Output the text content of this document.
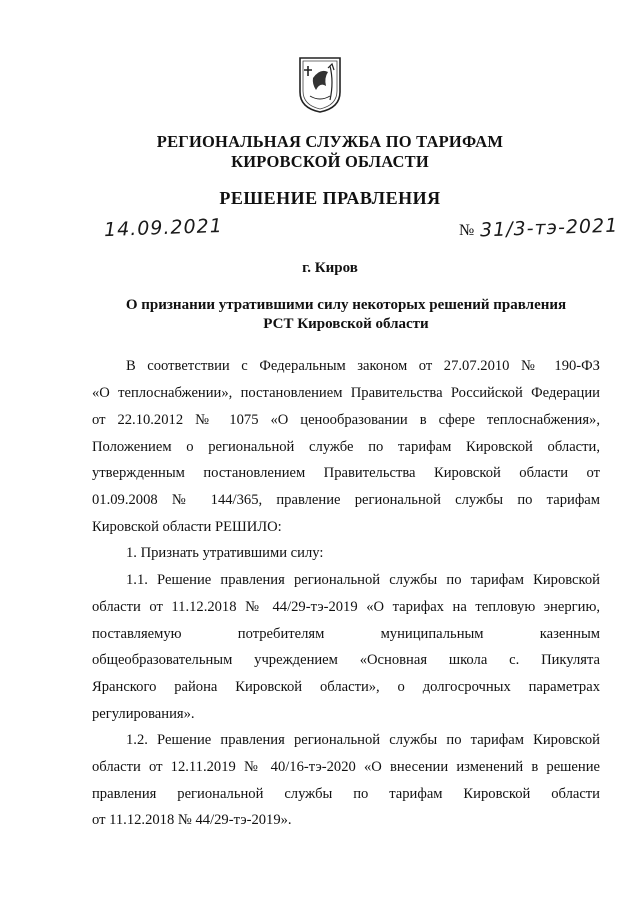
РЕГИОНАЛЬНАЯ СЛУЖБА ПО ТАРИФАМ
КИРОВСКОЙ ОБЛАСТИ
РЕШЕНИЕ ПРАВЛЕНИЯ
14.09.2021	№ 31/3-тэ-2021
г. Киров
О признании утратившими силу некоторых решений правления
РСТ Кировской области
В соответствии с Федеральным законом от 27.07.2010 № 190-ФЗ
«О теплоснабжении», постановлением Правительства Российской Федерации
от 22.10.2012 № 1075 «О ценообразовании в сфере теплоснабжения»,
Положением о региональной службе по тарифам Кировской области,
утвержденным постановлением Правительства Кировской области от
01.09.2008 № 144/365, правление региональной службы по тарифам
Кировской области РЕШИЛО:
1. Признать утратившими силу:
1.1. Решение правления региональной службы по тарифам Кировской
области от 11.12.2018 № 44/29-тэ-2019 «О тарифах на тепловую энергию,
поставляемую потребителям муниципальным казенным
общеобразовательным учреждением «Основная школа с. Пикулята
Яранского района Кировской области», о долгосрочных параметрах
регулирования».
1.2. Решение правления региональной службы по тарифам Кировской
области от 12.11.2019 № 40/16-тэ-2020 «О внесении изменений в решение
правления региональной службы по тарифам Кировской области
от 11.12.2018 № 44/29-тэ-2019».
